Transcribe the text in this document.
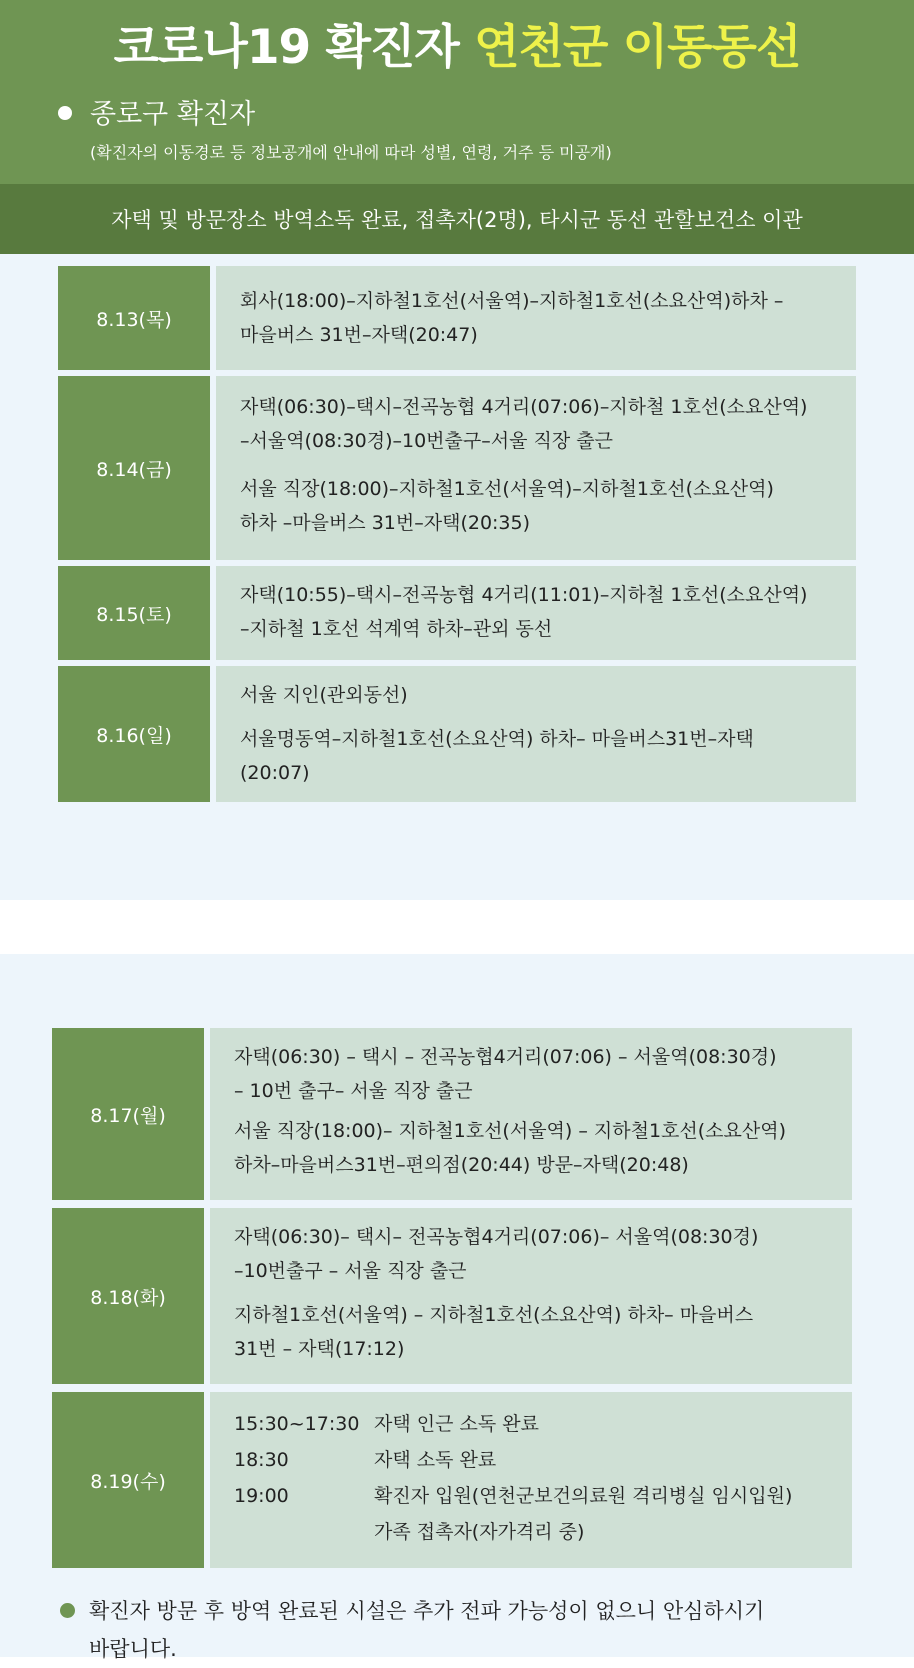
코로나19 확진자 연천군 이동동선
종로구 확진자
(확진자의 이동경로 등 정보공개에 안내에 따라 성별, 연령, 거주 등 미공개)
자택 및 방문장소 방역소독 완료, 접촉자(2명), 타시군 동선 관할보건소 이관
8.13(목)

회사(18:00)–지하철1호선(서울역)–지하철1호선(소요산역)하차 –
마을버스 31번–자택(20:47)

8.14(금)

자택(06:30)–택시–전곡농협 4거리(07:06)–지하철 1호선(소요산역)
–서울역(08:30경)–10번출구–서울 직장 출근

서울 직장(18:00)–지하철1호선(서울역)–지하철1호선(소요산역)
하차 –마을버스 31번–자택(20:35)

8.15(토)

자택(10:55)–택시–전곡농협 4거리(11:01)–지하철 1호선(소요산역)
–지하철 1호선 석계역 하차–관외 동선

8.16(일)

서울 지인(관외동선)

서울명동역–지하철1호선(소요산역) 하차– 마을버스31번–자택
(20:07)

8.17(월)

자택(06:30) – 택시 – 전곡농협4거리(07:06) – 서울역(08:30경)
– 10번 출구– 서울 직장 출근

서울 직장(18:00)– 지하철1호선(서울역) – 지하철1호선(소요산역)
하차–마을버스31번–편의점(20:44) 방문–자택(20:48)

8.18(화)

자택(06:30)– 택시– 전곡농협4거리(07:06)– 서울역(08:30경)
–10번출구 – 서울 직장 출근

지하철1호선(서울역) – 지하철1호선(소요산역) 하차– 마을버스
31번 – 자택(17:12)

8.19(수)
15:30~17:30 자택 인근 소독 완료
18:30	자택 소독 완료
19:00	확진자 입원(연천군보건의료원 격리병실 임시입원)
가족 접촉자(자가격리 중)
확진자 방문 후 방역 완료된 시설은 추가 전파 가능성이 없으니 안심하시기
바랍니다.
